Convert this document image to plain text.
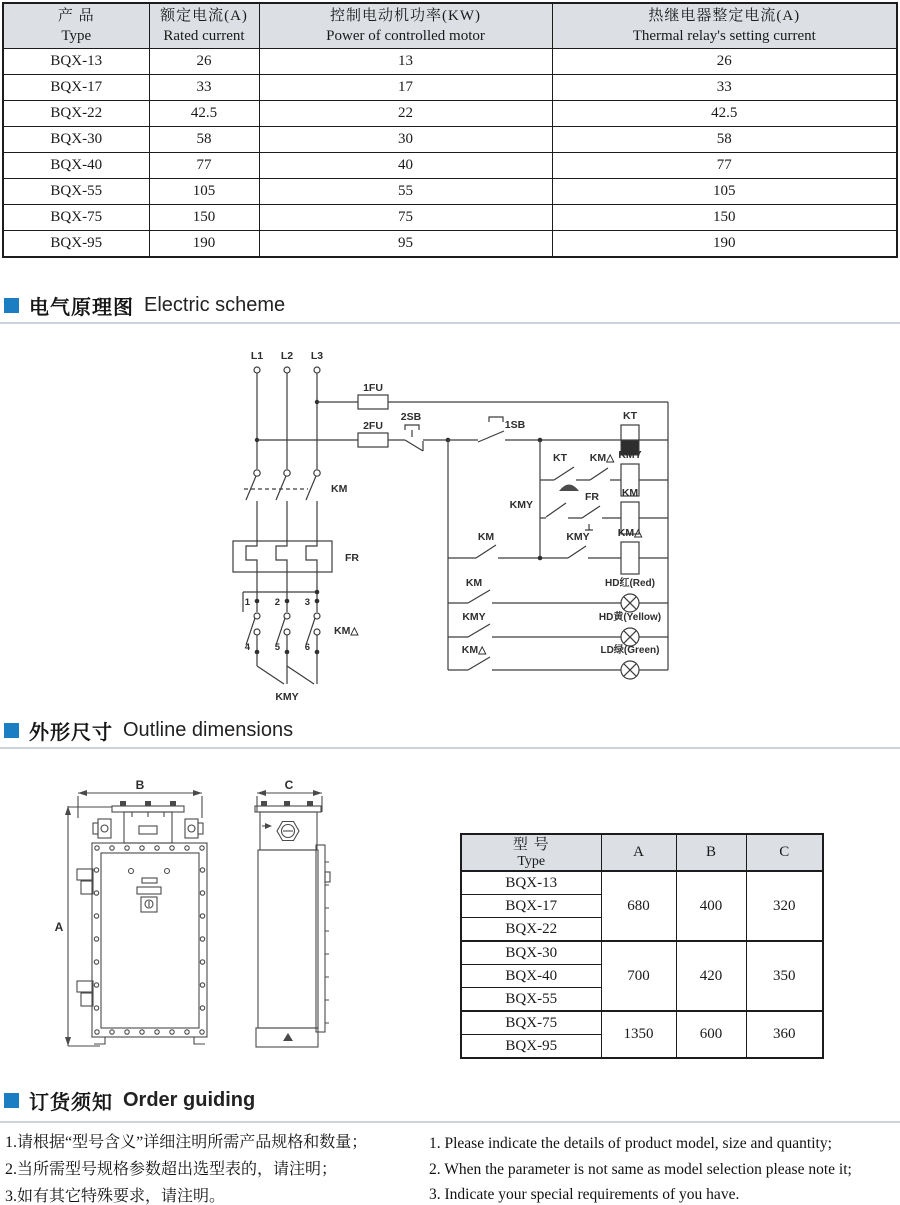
产 品
Type

额定电流(A)
Rated current

控制电动机功率(KW)
Power of controlled motor

热继电器整定电流(A)
Thermal relay's setting current

BQX-13	26	13	26
BQX-17	33	17	33
BQX-22	42.5	22	42.5
BQX-30	58	30	58
BQX-40	77	40	77
BQX-55	105	55	105
BQX-75	150	75	150
BQX-95	190	95	190
电气原理图 Electric scheme
L1 L2 L3
KM
FR
1	2	3
KM△
4	5	6
KMY
1FU
2FU
2SB
1SB
KT
KT KM△ KMY
KMY
FR KM
KM	KMY	KM△
KM	HD红(Red)
KMY	HD黄(Yellow)
KM△	LD绿(Green)
外形尺寸 Outline dimensions
B
A
C
型 号
Type	A	B	C
BQX-13	680	400	320
BQX-17			
BQX-22			
BQX-30	700	420	350
BQX-40			
BQX-55			
BQX-75	1350	600	360
BQX-95			
订货须知 Order guiding
1.请根据“型号含义”详细注明所需产品规格和数量；
2.当所需型号规格参数超出选型表的，请注明；
3.如有其它特殊要求，请注明。
1. Please indicate the details of product model, size and quantity;
2. When the parameter is not same as model selection please note it;
3. Indicate your special requirements of you have.
